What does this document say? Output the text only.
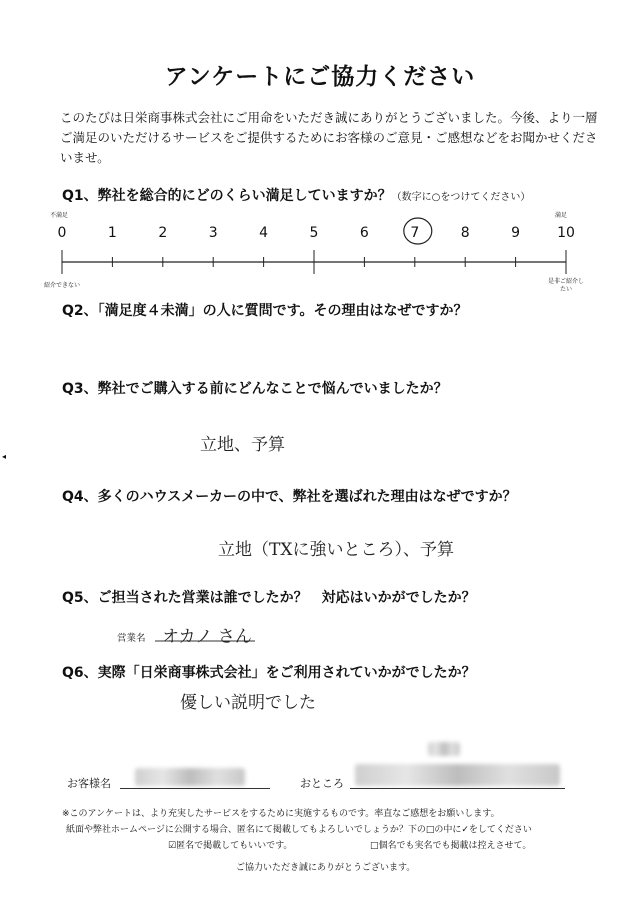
アンケートにご協力ください
このたびは日栄商事株式会社にご用命をいただき誠にありがとうございました。今後、より一層ご満足のいただけるサービスをご提供するためにお客様のご意見・ご感想などをお聞かせくださいませ。
Q1、弊社を総合的にどのくらい満足していますか？（数字に○をつけてください）
不満足	満足
0	1	2	3	4	5	6	7	8	9	10
紹介できない
是非ご紹介したい
Q2、「満足度４未満」の人に質問です。その理由はなぜですか？
Q3、弊社でご購入する前にどんなことで悩んでいましたか？
立地、予算
Q4、多くのハウスメーカーの中で、弊社を選ばれた理由はなぜですか？
立地（TXに強いところ）、予算
Q5、ご担当された営業は誰でしたか？　対応はいかがでしたか？
営業名 オカノ さん
Q6、実際「日栄商事株式会社」をご利用されていかがでしたか？
優しい説明でした
お客様名	おところ
※このアンケートは、より充実したサービスをするために実施するものです。率直なご感想をお願いします。
紙面や弊社ホームページに公開する場合、匿名にて掲載してもよろしいでしょうか？下の□の中に✓をしてください
☑匿名で掲載してもいいです。	□個名でも実名でも掲載は控えさせて。
ご協力いただき誠にありがとうございます。
◂
